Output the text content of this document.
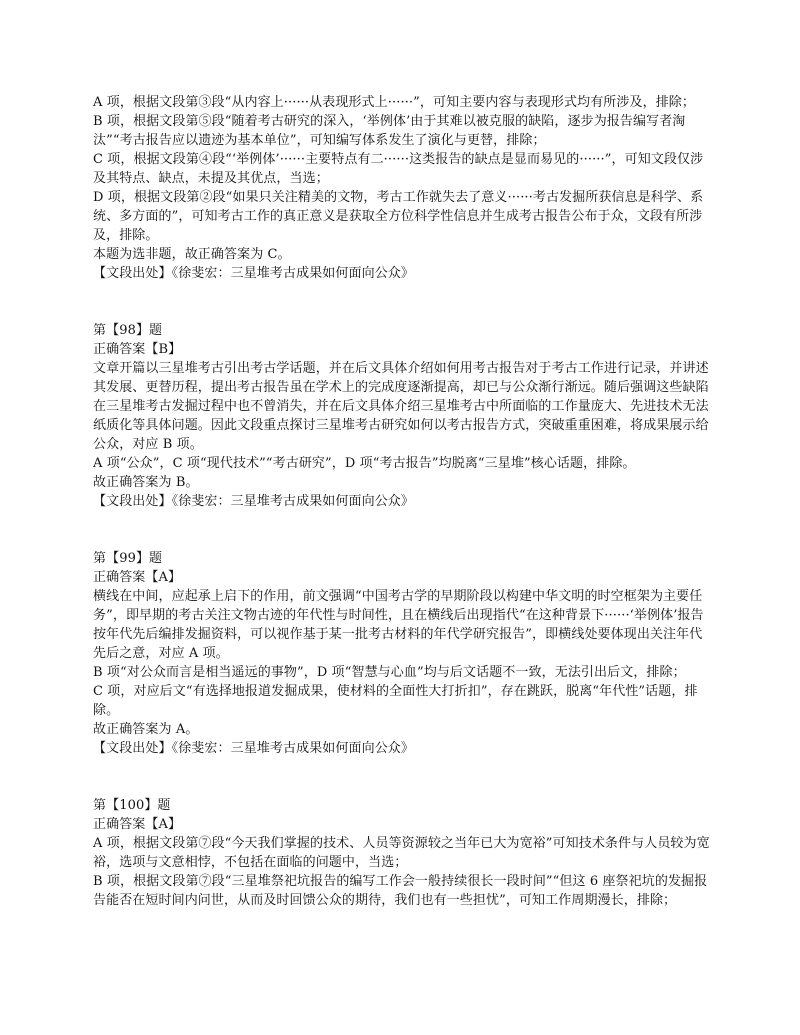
A 项，根据文段第③段“从内容上······从表现形式上······”，可知主要内容与表现形式均有所涉及，排除；

B 项，根据文段第⑤段“随着考古研究的深入，‘举例体’由于其难以被克服的缺陷，逐步为报告编写者淘汰”“考古报告应以遗迹为基本单位”，可知编写体系发生了演化与更替，排除；

C 项，根据文段第④段“‘举例体’······主要特点有二······这类报告的缺点是显而易见的······”，可知文段仅涉及其特点、缺点，未提及其优点，当选；

D 项，根据文段第②段“如果只关注精美的文物，考古工作就失去了意义······考古发掘所获信息是科学、系统、多方面的”，可知考古工作的真正意义是获取全方位科学性信息并生成考古报告公布于众，文段有所涉及，排除。

本题为选非题，故正确答案为 C。

【文段出处】《徐斐宏：三星堆考古成果如何面向公众》

第【98】题

正确答案【B】

文章开篇以三星堆考古引出考古学话题，并在后文具体介绍如何用考古报告对于考古工作进行记录，并讲述其发展、更替历程，提出考古报告虽在学术上的完成度逐渐提高，却已与公众渐行渐远。随后强调这些缺陷在三星堆考古发掘过程中也不曾消失，并在后文具体介绍三星堆考古中所面临的工作量庞大、先进技术无法纸质化等具体问题。因此文段重点探讨三星堆考古研究如何以考古报告方式，突破重重困难，将成果展示给公众，对应 B 项。

A 项“公众”，C 项“现代技术”“考古研究”，D 项“考古报告”均脱离“三星堆”核心话题，排除。

故正确答案为 B。

【文段出处】《徐斐宏：三星堆考古成果如何面向公众》

第【99】题

正确答案【A】

横线在中间，应起承上启下的作用，前文强调“中国考古学的早期阶段以构建中华文明的时空框架为主要任务”，即早期的考古关注文物古迹的年代性与时间性，且在横线后出现指代“在这种背景下······‘举例体’报告按年代先后编排发掘资料，可以视作基于某一批考古材料的年代学研究报告”，即横线处要体现出关注年代先后之意，对应 A 项。

B 项“对公众而言是相当遥远的事物”，D 项“智慧与心血”均与后文话题不一致，无法引出后文，排除；

C 项，对应后文“有选择地报道发掘成果，使材料的全面性大打折扣”，存在跳跃，脱离“年代性”话题，排除。

故正确答案为 A。

【文段出处】《徐斐宏：三星堆考古成果如何面向公众》

第【100】题

正确答案【A】

A 项，根据文段第⑦段“今天我们掌握的技术、人员等资源较之当年已大为宽裕”可知技术条件与人员较为宽裕，选项与文意相悖，不包括在面临的问题中，当选；

B 项，根据文段第⑦段“三星堆祭祀坑报告的编写工作会一般持续很长一段时间”“但这 6 座祭祀坑的发掘报告能否在短时间内问世，从而及时回馈公众的期待，我们也有一些担忧”，可知工作周期漫长，排除；
